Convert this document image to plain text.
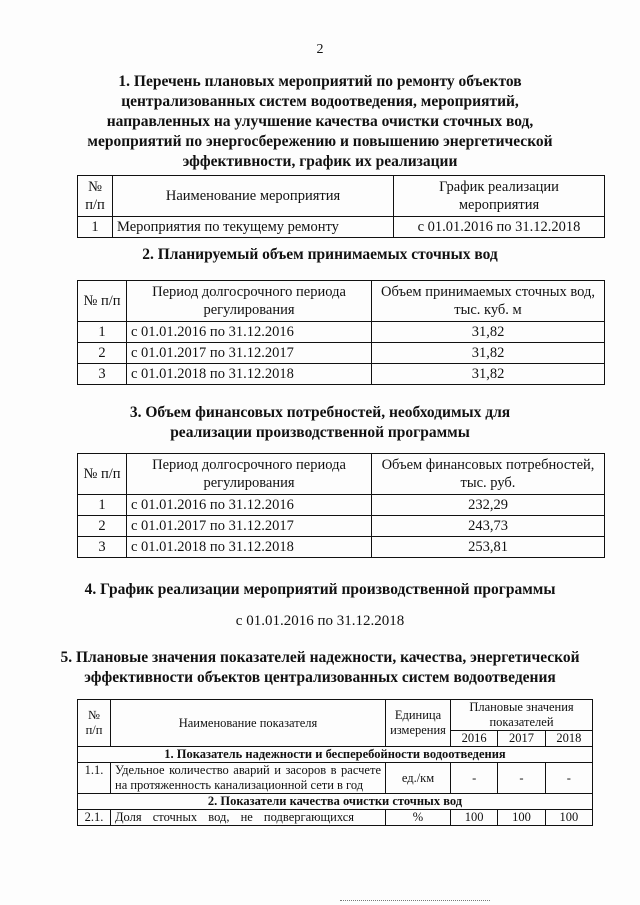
2
1. Перечень плановых мероприятий по ремонту объектов
централизованных систем водоотведения, мероприятий,
направленных на улучшение качества очистки сточных вод,
мероприятий по энергосбережению и повышению энергетической
эффективности, график их реализации
№ п/п	Наименование мероприятия	График реализации мероприятия
1	Мероприятия по текущему ремонту	с 01.01.2016 по 31.12.2018
2. Планируемый объем принимаемых сточных вод
№ п/п	Период долгосрочного периода регулирования	Объем принимаемых сточных вод, тыс. куб. м
1	с 01.01.2016 по 31.12.2016	31,82
2	с 01.01.2017 по 31.12.2017	31,82
3	с 01.01.2018 по 31.12.2018	31,82
3. Объем финансовых потребностей, необходимых для
реализации производственной программы
№ п/п	Период долгосрочного периода регулирования	Объем финансовых потребностей, тыс. руб.
1	с 01.01.2016 по 31.12.2016	232,29
2	с 01.01.2017 по 31.12.2017	243,73
3	с 01.01.2018 по 31.12.2018	253,81
4. График реализации мероприятий производственной программы
с 01.01.2016 по 31.12.2018
5. Плановые значения показателей надежности, качества, энергетической
эффективности объектов централизованных систем водоотведения
№ п/п	Наименование показателя	Единица измерения	Плановые значения показателей		
			2016	2017	2018
1. Показатель надежности и бесперебойности водоотведения					
1.1.	Удельное количество аварий и засоров в расчете на протяженность канализационной сети в год	ед./км	-	-	-
2. Показатели качества очистки сточных вод					
2.1.	Доля сточных вод, не подвергающихся	%	100	100	100
